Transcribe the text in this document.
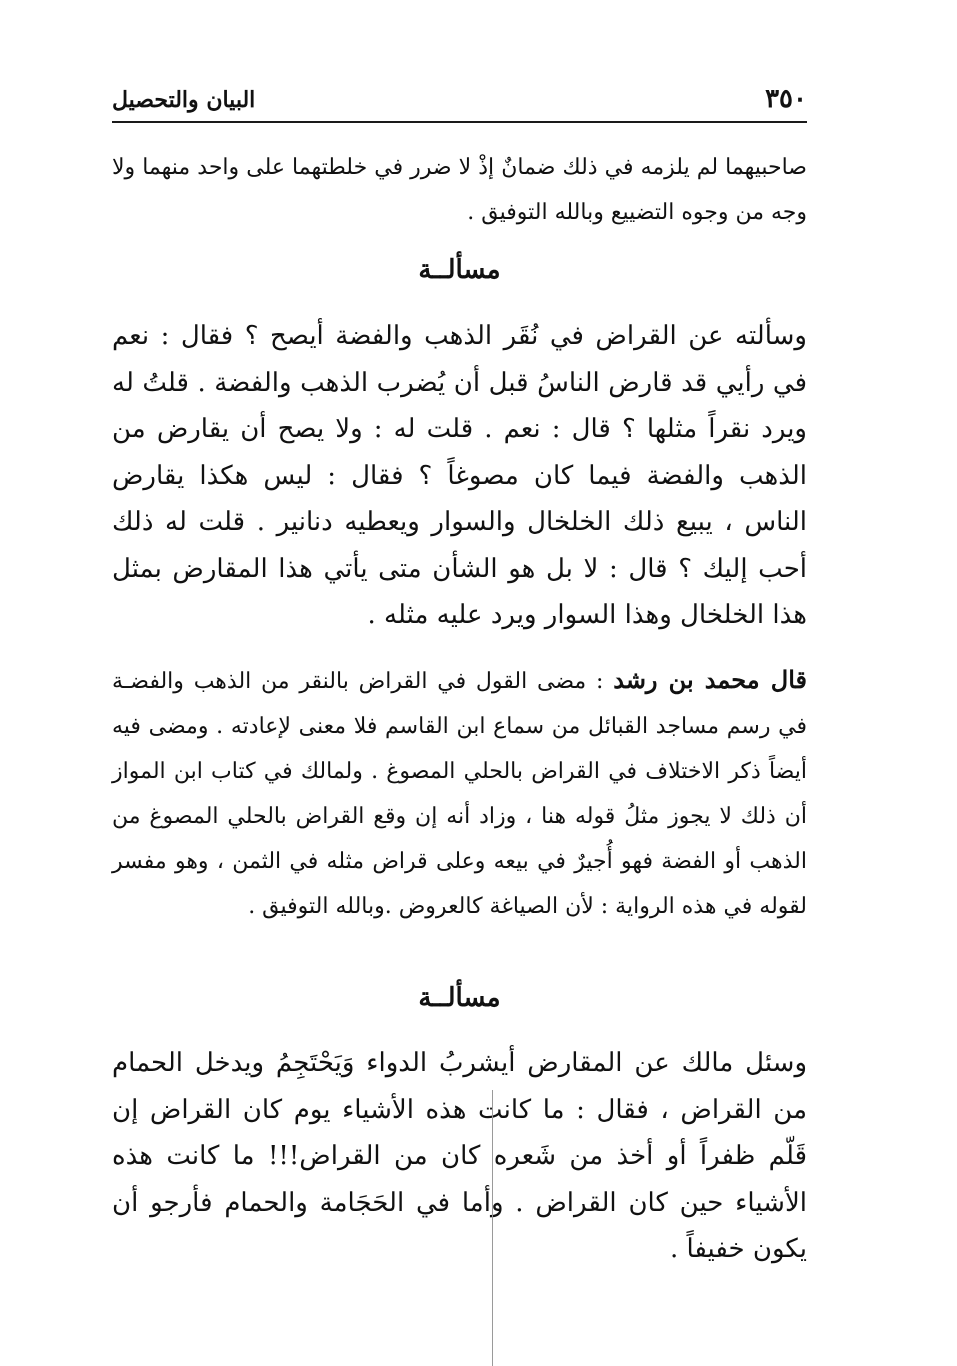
٣٥٠
البيان والتحصيل

صاحبيهما لم يلزمه في ذلك ضمانٌ إذْ لا ضرر في خلطتهما على واحد منهما ولا وجه من وجوه التضييع وبالله التوفيق .

مسألــة

وسألته عن القراض في نُقَر الذهب والفضة أيصح ؟ فقال : نعم في رأيي قد قارض الناسُ قبل أن يُضرب الذهب والفضة . قلتُ له ويرد نقراً مثلها ؟ قال : نعم . قلت له : ولا يصح أن يقارض من الذهب والفضة فيما كان مصوغاً ؟ فقال : ليس هكذا يقارض الناس ، يبيع ذلك الخلخال والسوار ويعطيه دنانير . قلت له ذلك أحب إليك ؟ قال : لا بل هو الشأن متى يأتي هذا المقارض بمثل هذا الخلخال وهذا السوار ويرد عليه مثله .

قال محمد بن رشد : مضى القول في القراض بالنقر من الذهب والفضـة في رسم مساجد القبائل من سماع ابن القاسم فلا معنى لإعادته . ومضى فيه أيضاً ذكر الاختلاف في القراض بالحلي المصوغ . ولمالك في كتاب ابن المواز أن ذلك لا يجوز مثلُ قوله هنا ، وزاد أنه إن وقع القراض بالحلي المصوغ من الذهب أو الفضة فهو أُجيرٌ في بيعه وعلى قراض مثله في الثمن ، وهو مفسر لقوله في هذه الرواية : لأن الصياغة كالعروض .وبالله التوفيق .

مسألــة

وسئل مالك عن المقارض أيشربُ الدواء وَيَحْتَجِمُ ويدخل الحمام من القراض ، فقال : ما كانت هذه الأشياء يوم كان القراض إن قَلّم ظفراً أو أخذ من شَعره كان من القراض!!! ما كانت هذه الأشياء حين كان القراض . وأما في الحَجَامة والحمام فأرجو أن يكون خفيفاً .
